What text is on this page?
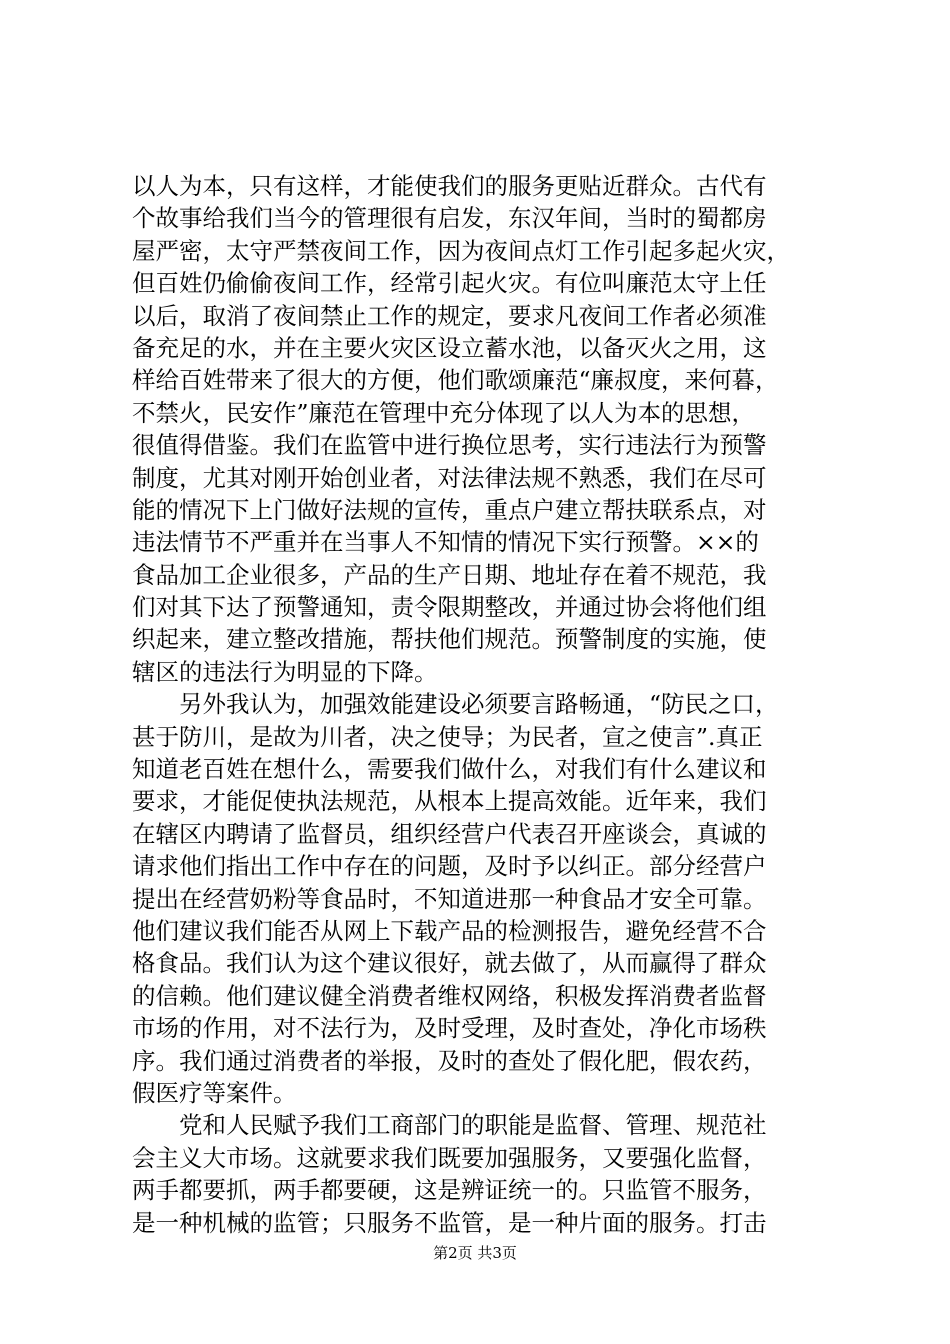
以人为本，只有这样，才能使我们的服务更贴近群众。古代有
个故事给我们当今的管理很有启发，东汉年间，当时的蜀都房
屋严密，太守严禁夜间工作，因为夜间点灯工作引起多起火灾，
但百姓仍偷偷夜间工作，经常引起火灾。有位叫廉范太守上任
以后，取消了夜间禁止工作的规定，要求凡夜间工作者必须准
备充足的水，并在主要火灾区设立蓄水池，以备灭火之用，这
样给百姓带来了很大的方便，他们歌颂廉范“廉叔度，来何暮，
不禁火，民安作”廉范在管理中充分体现了以人为本的思想，
很值得借鉴。我们在监管中进行换位思考，实行违法行为预警
制度，尤其对刚开始创业者，对法律法规不熟悉，我们在尽可
能的情况下上门做好法规的宣传，重点户建立帮扶联系点，对
违法情节不严重并在当事人不知情的情况下实行预警。××的
食品加工企业很多，产品的生产日期、地址存在着不规范，我
们对其下达了预警通知，责令限期整改，并通过协会将他们组
织起来，建立整改措施，帮扶他们规范。预警制度的实施，使
辖区的违法行为明显的下降。
　　另外我认为，加强效能建设必须要言路畅通，“防民之口，
甚于防川，是故为川者，决之使导；为民者，宣之使言”.真正
知道老百姓在想什么，需要我们做什么，对我们有什么建议和
要求，才能促使执法规范，从根本上提高效能。近年来，我们
在辖区内聘请了监督员，组织经营户代表召开座谈会，真诚的
请求他们指出工作中存在的问题，及时予以纠正。部分经营户
提出在经营奶粉等食品时，不知道进那一种食品才安全可靠。
他们建议我们能否从网上下载产品的检测报告，避免经营不合
格食品。我们认为这个建议很好，就去做了，从而赢得了群众
的信赖。他们建议健全消费者维权网络，积极发挥消费者监督
市场的作用，对不法行为，及时受理，及时查处，净化市场秩
序。我们通过消费者的举报，及时的查处了假化肥，假农药，
假医疗等案件。
　　党和人民赋予我们工商部门的职能是监督、管理、规范社
会主义大市场。这就要求我们既要加强服务，又要强化监督，
两手都要抓，两手都要硬，这是辨证统一的。只监管不服务，
是一种机械的监管；只服务不监管，是一种片面的服务。打击
第2页 共3页
